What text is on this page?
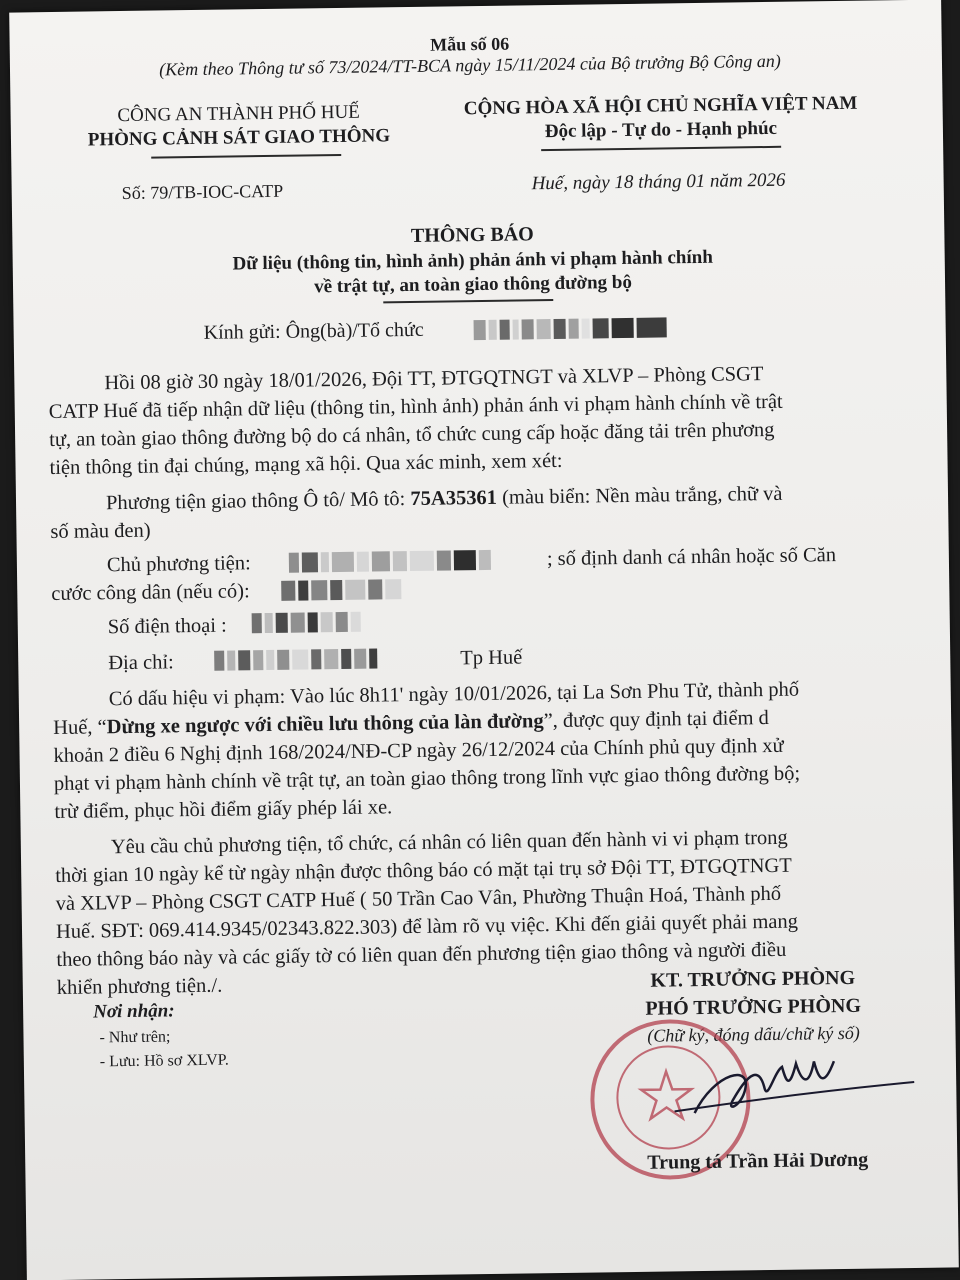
Mẫu số 06
(Kèm theo Thông tư số 73/2024/TT-BCA ngày 15/11/2024 của Bộ trưởng Bộ Công an)
CÔNG AN THÀNH PHỐ HUẾ
PHÒNG CẢNH SÁT GIAO THÔNG
Số: 79/TB-IOC-CATP
CỘNG HÒA XÃ HỘI CHỦ NGHĨA VIỆT NAM
Độc lập - Tự do - Hạnh phúc
Huế, ngày 18 tháng 01 năm 2026
THÔNG BÁO
Dữ liệu (thông tin, hình ảnh) phản ánh vi phạm hành chính
về trật tự, an toàn giao thông đường bộ
Kính gửi: Ông(bà)/Tổ chức
Hồi 08 giờ 30 ngày 18/01/2026, Đội TT, ĐTGQTNGT và XLVP – Phòng CSGT
CATP Huế đã tiếp nhận dữ liệu (thông tin, hình ảnh) phản ánh vi phạm hành chính về trật
tự, an toàn giao thông đường bộ do cá nhân, tổ chức cung cấp hoặc đăng tải trên phương
tiện thông tin đại chúng, mạng xã hội. Qua xác minh, xem xét:
Phương tiện giao thông Ô tô/ Mô tô: 75A35361 (màu biển: Nền màu trắng, chữ và
số màu đen)
Chủ phương tiện:	; số định danh cá nhân hoặc số Căn
cước công dân (nếu có):
Số điện thoại :
Địa chỉ:	Tp Huế
Có dấu hiệu vi phạm: Vào lúc 8h11' ngày 10/01/2026, tại La Sơn Phu Tử, thành phố
Huế, “Dừng xe ngược với chiều lưu thông của làn đường”, được quy định tại điểm d
khoản 2 điều 6 Nghị định 168/2024/NĐ-CP ngày 26/12/2024 của Chính phủ quy định xử
phạt vi phạm hành chính về trật tự, an toàn giao thông trong lĩnh vực giao thông đường bộ;
trừ điểm, phục hồi điểm giấy phép lái xe.
Yêu cầu chủ phương tiện, tổ chức, cá nhân có liên quan đến hành vi vi phạm trong
thời gian 10 ngày kể từ ngày nhận được thông báo có mặt tại trụ sở Đội TT, ĐTGQTNGT
và XLVP – Phòng CSGT CATP Huế ( 50 Trần Cao Vân, Phường Thuận Hoá, Thành phố
Huế. SĐT: 069.414.9345/02343.822.303) để làm rõ vụ việc. Khi đến giải quyết phải mang
theo thông báo này và các giấy tờ có liên quan đến phương tiện giao thông và người điều
khiển phương tiện./.
Nơi nhận:
- Như trên;
- Lưu: Hồ sơ XLVP.
KT. TRƯỞNG PHÒNG
PHÓ TRƯỞNG PHÒNG
(Chữ ký, đóng dấu/chữ ký số)
Trung tá Trần Hải Dương
